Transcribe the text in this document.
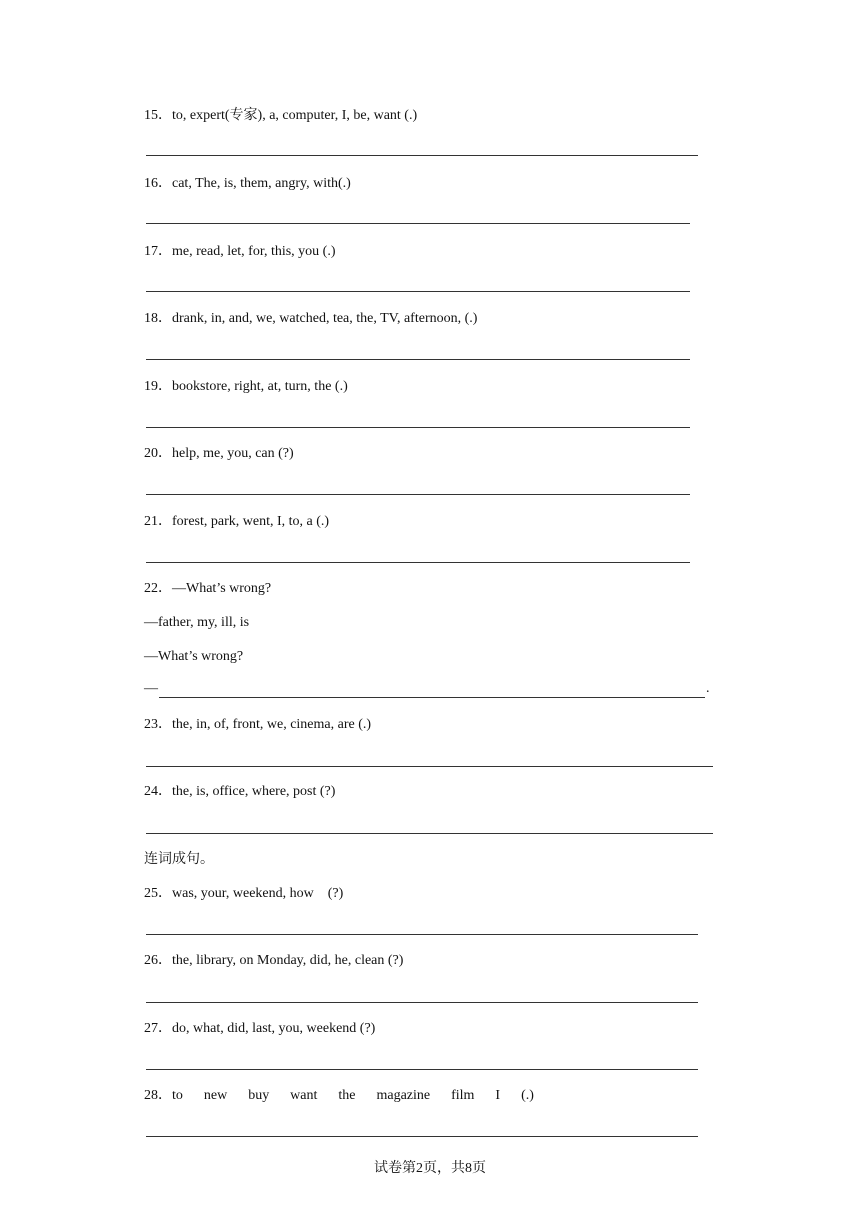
15．to, expert(专家), a, computer, I, be, want (.)
16．cat, The, is, them, angry, with(.)
17．me, read, let, for, this, you (.)
18．drank, in, and, we, watched, tea, the, TV, afternoon, (.)
19．bookstore, right, at, turn, the (.)
20．help, me, you, can (?)
21．forest, park, went, I, to, a (.)
22．—What’s wrong?
—father, my, ill, is
—What’s wrong?
—	.
23．the, in, of, front, we, cinema, are (.)
24．the, is, office, where, post (?)
连词成句。
25．was, your, weekend, how    (?)
26．the, library, on Monday, did, he, clean (?)
27．do, what, did, last, you, weekend (?)
28． to new buy want the magazine film I (.)
试卷第2页，共8页
